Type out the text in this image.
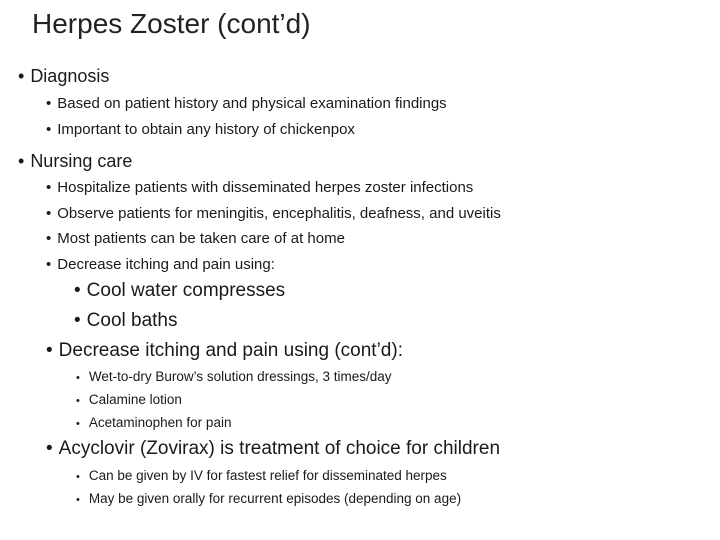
Herpes Zoster (cont’d)
• Diagnosis
• Based on patient history and physical examination findings
• Important to obtain any history of chickenpox
• Nursing care
• Hospitalize patients with disseminated herpes zoster infections
• Observe patients for meningitis, encephalitis, deafness, and uveitis
• Most patients can be taken care of at home
• Decrease itching and pain using:
• Cool water compresses
• Cool baths
• Decrease itching and pain using (cont’d):
• Wet-to-dry Burow’s solution dressings, 3 times/day
• Calamine lotion
• Acetaminophen for pain
• Acyclovir (Zovirax) is treatment of choice for children
• Can be given by IV for fastest relief for disseminated herpes
• May be given orally for recurrent episodes (depending on age)
